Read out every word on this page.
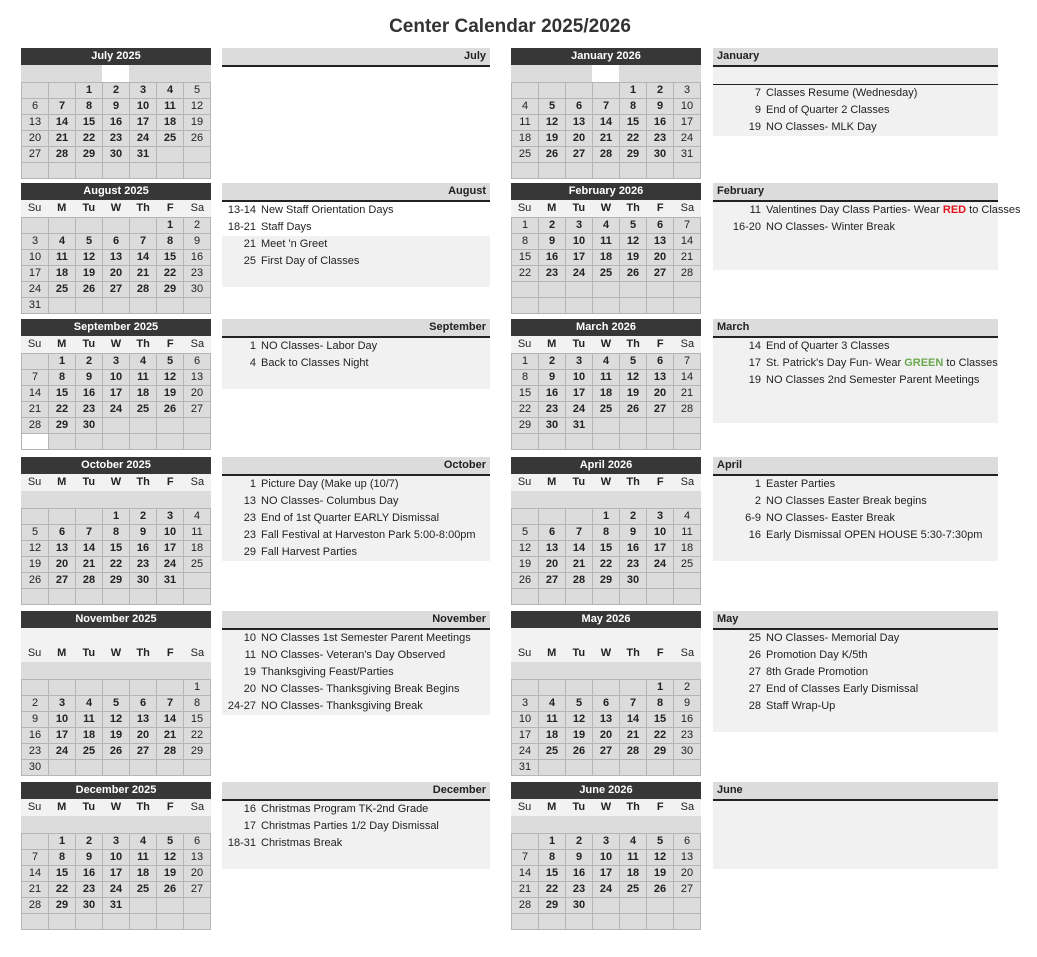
Center Calendar 2025/2026
July 2025
		1	2	3	4	5
6	7	8	9	10	11	12
13	14	15	16	17	18	19
20	21	22	23	24	25	26
27	28	29	30	31		

July
August 2025
Su	M	Tu	W	Th	F	Sa
					1	2
3	4	5	6	7	8	9
10	11	12	13	14	15	16
17	18	19	20	21	22	23
24	25	26	27	28	29	30
31						
August
13-14 New Staff Orientation Days
18-21 Staff Days
21 Meet 'n Greet
25 First Day of Classes
September 2025
Su	M	Tu	W	Th	F	Sa
	1	2	3	4	5	6
7	8	9	10	11	12	13
14	15	16	17	18	19	20
21	22	23	24	25	26	27
28	29	30				

September
1 NO Classes- Labor Day
4 Back to Classes Night
October 2025
Su	M	Tu	W	Th	F	Sa
			1	2	3	4
5	6	7	8	9	10	11
12	13	14	15	16	17	18
19	20	21	22	23	24	25
26	27	28	29	30	31	

October
1 Picture Day (Make up (10/7)
13 NO Classes- Columbus Day
23 End of 1st Quarter EARLY Dismissal
23 Fall Festival at Harveston Park 5:00-8:00pm
29 Fall Harvest Parties
November 2025
Su	M	Tu	W	Th	F	Sa
						1
2	3	4	5	6	7	8
9	10	11	12	13	14	15
16	17	18	19	20	21	22
23	24	25	26	27	28	29
30						
November
10 NO Classes 1st Semester Parent Meetings
11 NO Classes- Veteran's Day Observed
19 Thanksgiving Feast/Parties
20 NO Classes- Thanksgiving Break Begins
24-27 NO Classes- Thanksgiving Break
December 2025
Su	M	Tu	W	Th	F	Sa
	1	2	3	4	5	6
7	8	9	10	11	12	13
14	15	16	17	18	19	20
21	22	23	24	25	26	27
28	29	30	31			

December
16 Christmas Program TK-2nd Grade
17 Christmas Parties 1/2 Day Dismissal
18-31 Christmas Break
January 2026
				1	2	3
4	5	6	7	8	9	10
11	12	13	14	15	16	17
18	19	20	21	22	23	24
25	26	27	28	29	30	31

January
7 Classes Resume (Wednesday)
9 End of Quarter 2 Classes
19 NO Classes- MLK Day
February 2026
Su	M	Tu	W	Th	F	Sa
1	2	3	4	5	6	7
8	9	10	11	12	13	14
15	16	17	18	19	20	21
22	23	24	25	26	27	28

February
11 Valentines Day Class Parties- Wear RED to Classes
16-20 NO Classes- Winter Break
March 2026
Su	M	Tu	W	Th	F	Sa
1	2	3	4	5	6	7
8	9	10	11	12	13	14
15	16	17	18	19	20	21
22	23	24	25	26	27	28
29	30	31				

March
14 End of Quarter 3 Classes
17 St. Patrick's Day Fun- Wear GREEN to Classes
19 NO Classes 2nd Semester Parent Meetings
April 2026
Su	M	Tu	W	Th	F	Sa
			1	2	3	4
5	6	7	8	9	10	11
12	13	14	15	16	17	18
19	20	21	22	23	24	25
26	27	28	29	30		

April
1 Easter Parties
2 NO Classes Easter Break begins
6-9 NO Classes- Easter Break
16 Early Dismissal OPEN HOUSE 5:30-7:30pm
May 2026
Su	M	Tu	W	Th	F	Sa
					1	2
3	4	5	6	7	8	9
10	11	12	13	14	15	16
17	18	19	20	21	22	23
24	25	26	27	28	29	30
31						
May
25 NO Classes- Memorial Day
26 Promotion Day K/5th
27 8th Grade Promotion
27 End of Classes Early Dismissal
28 Staff Wrap-Up
June 2026
Su	M	Tu	W	Th	F	Sa
	1	2	3	4	5	6
7	8	9	10	11	12	13
14	15	16	17	18	19	20
21	22	23	24	25	26	27
28	29	30				

June
